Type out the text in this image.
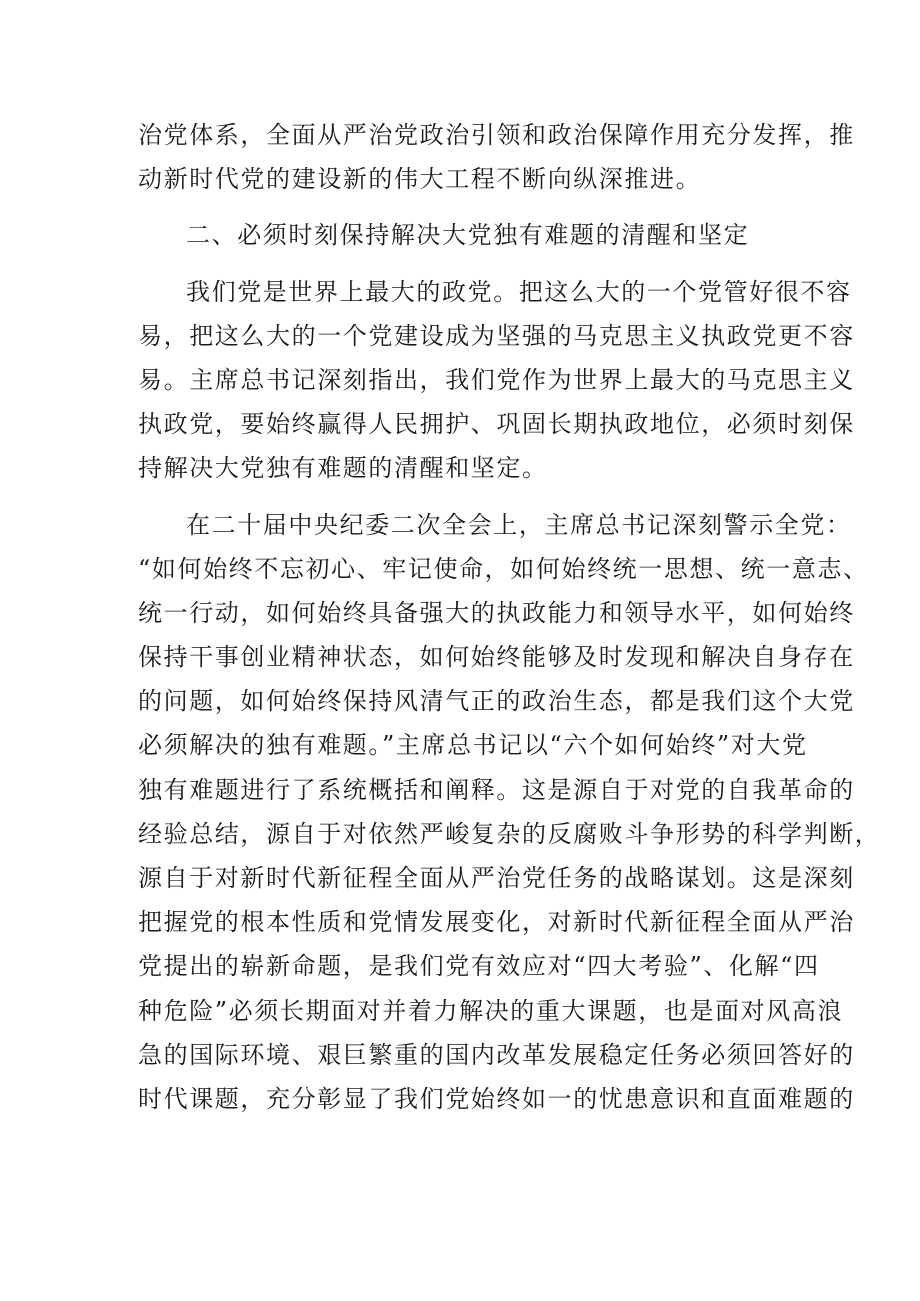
治党体系，全面从严治党政治引领和政治保障作用充分发挥，推
动新时代党的建设新的伟大工程不断向纵深推进。
二、必须时刻保持解决大党独有难题的清醒和坚定
我们党是世界上最大的政党。把这么大的一个党管好很不容
易，把这么大的一个党建设成为坚强的马克思主义执政党更不容
易。主席总书记深刻指出，我们党作为世界上最大的马克思主义
执政党，要始终赢得人民拥护、巩固长期执政地位，必须时刻保
持解决大党独有难题的清醒和坚定。
在二十届中央纪委二次全会上，主席总书记深刻警示全党：
“如何始终不忘初心、牢记使命，如何始终统一思想、统一意志、
统一行动，如何始终具备强大的执政能力和领导水平，如何始终
保持干事创业精神状态，如何始终能够及时发现和解决自身存在
的问题，如何始终保持风清气正的政治生态，都是我们这个大党
必须解决的独有难题。”主席总书记以“六个如何始终”对大党
独有难题进行了系统概括和阐释。这是源自于对党的自我革命的
经验总结，源自于对依然严峻复杂的反腐败斗争形势的科学判断，
源自于对新时代新征程全面从严治党任务的战略谋划。这是深刻
把握党的根本性质和党情发展变化，对新时代新征程全面从严治
党提出的崭新命题，是我们党有效应对“四大考验”、化解“四
种危险”必须长期面对并着力解决的重大课题，也是面对风高浪
急的国际环境、艰巨繁重的国内改革发展稳定任务必须回答好的
时代课题，充分彰显了我们党始终如一的忧患意识和直面难题的
